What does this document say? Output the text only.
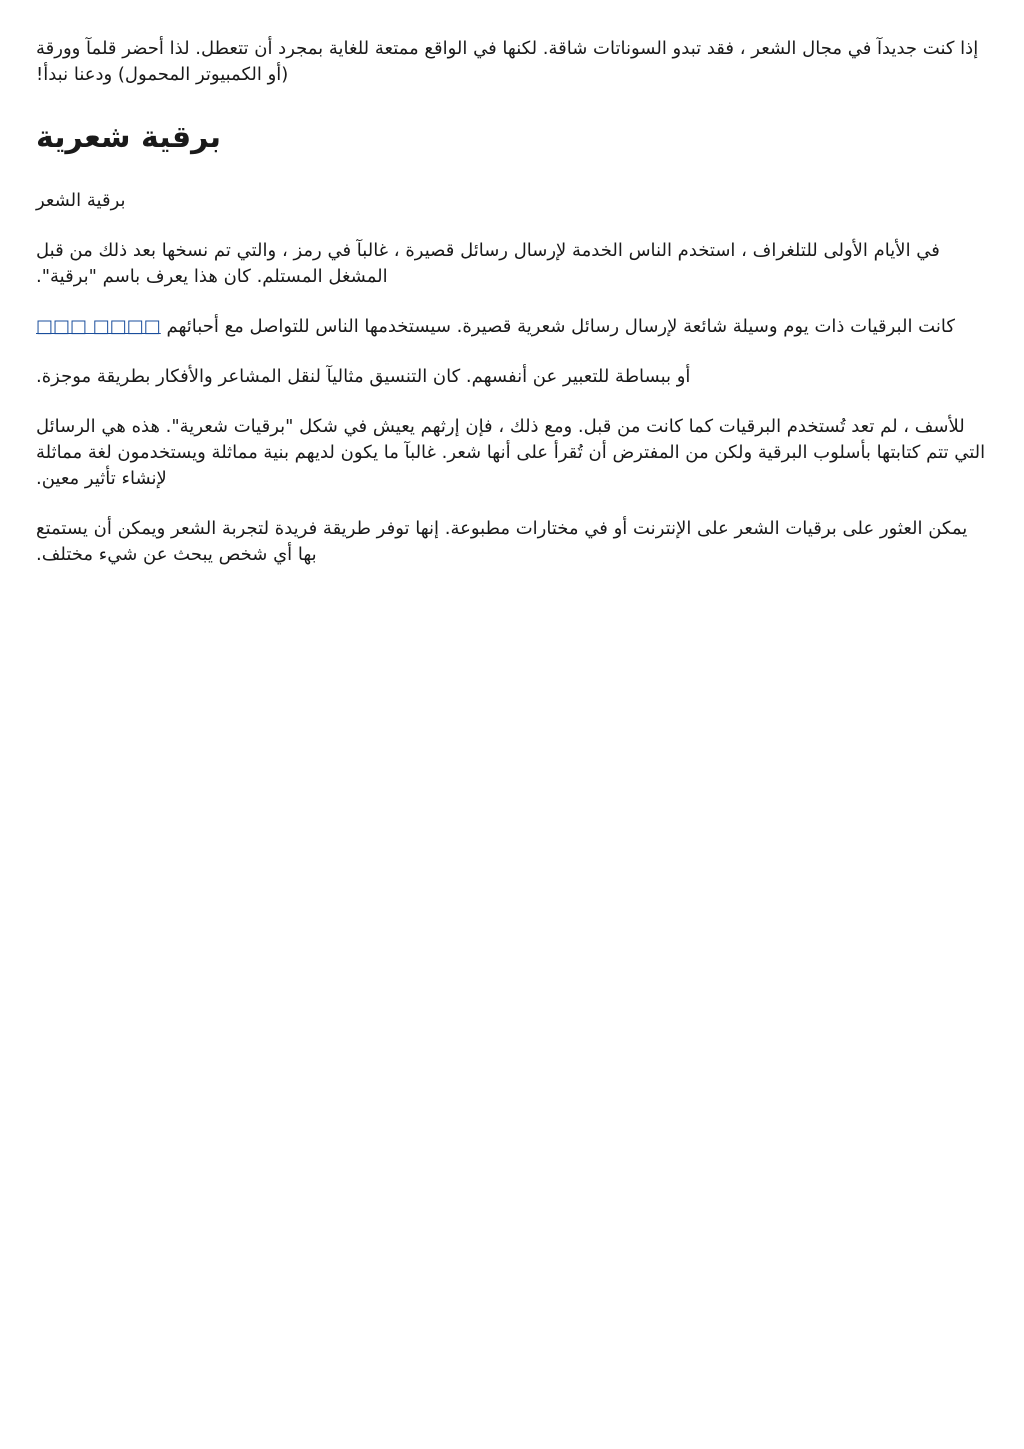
إذا كنت جديدآ في مجال الشعر ، فقد تبدو السوناتات شاقة. لكنها في الواقع ممتعة للغاية بمجرد أن تتعطل. لذا أحضر قلمآ وورقة (أو الكمبيوتر المحمول) ودعنا نبدأ!

برقية شعرية

برقية الشعر

في الأيام الأولى للتلغراف ، استخدم الناس الخدمة لإرسال رسائل قصيرة ، غالبآ في رمز ، والتي تم نسخها بعد ذلك من قبل المشغل المستلم. كان هذا يعرف باسم "برقية".

كانت البرقيات ذات يوم وسيلة شائعة لإرسال رسائل شعرية قصيرة. سيستخدمها الناس للتواصل مع أحبائهم □□□□ □□□

أو ببساطة للتعبير عن أنفسهم. كان التنسيق مثاليآ لنقل المشاعر والأفكار بطريقة موجزة.

للأسف ، لم تعد تُستخدم البرقيات كما كانت من قبل. ومع ذلك ، فإن إرثهم يعيش في شكل "برقيات شعرية". هذه هي الرسائل التي تتم كتابتها بأسلوب البرقية ولكن من المفترض أن تُقرأ على أنها شعر. غالبآ ما يكون لديهم بنية مماثلة ويستخدمون لغة مماثلة لإنشاء تأثير معين.

يمكن العثور على برقيات الشعر على الإنترنت أو في مختارات مطبوعة. إنها توفر طريقة فريدة لتجربة الشعر ويمكن أن يستمتع بها أي شخص يبحث عن شيء مختلف.
